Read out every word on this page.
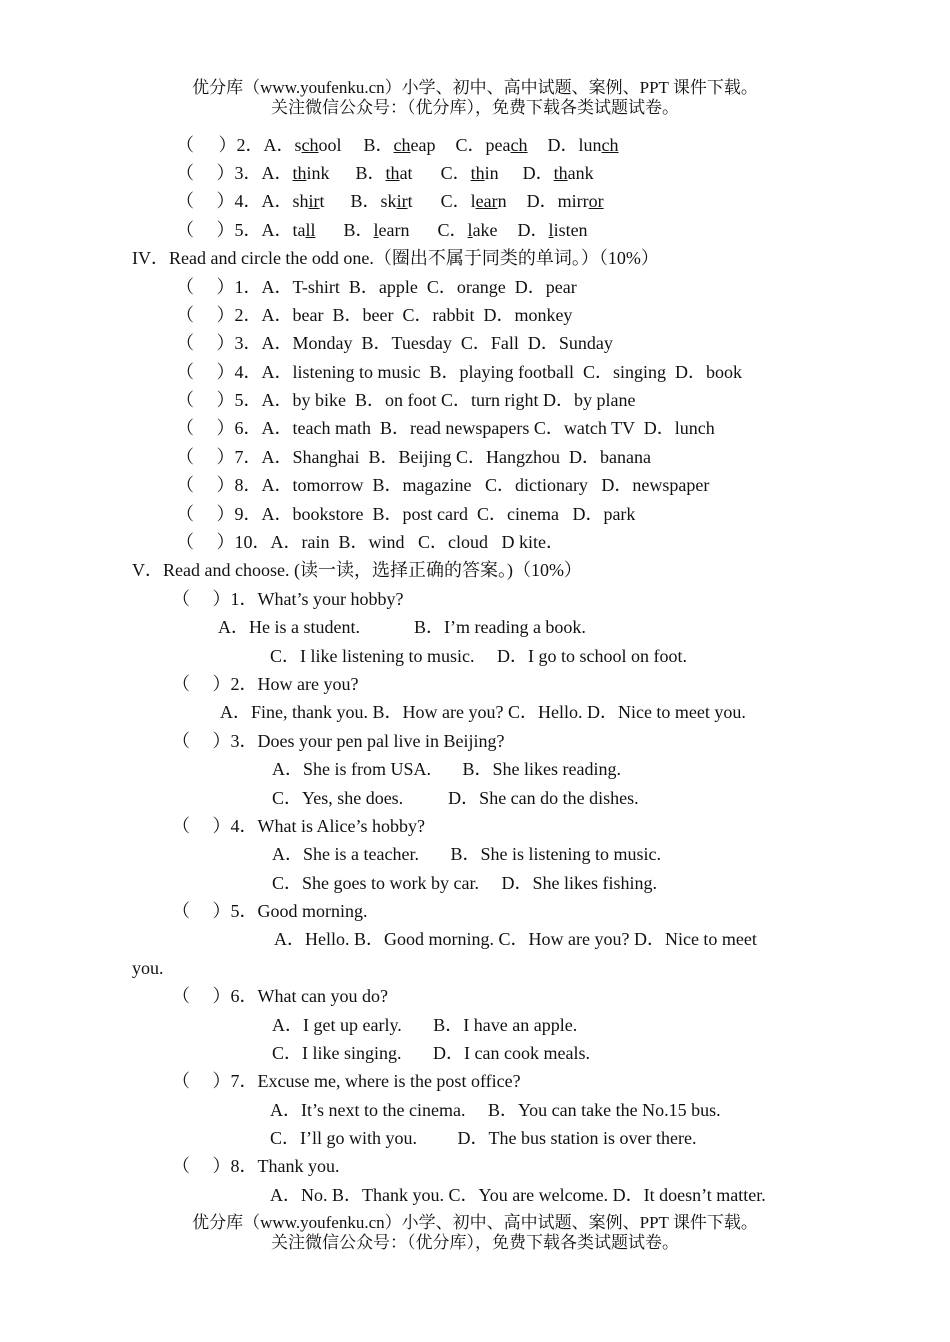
优分库（www.youfenku.cn）小学、初中、高中试题、案例、PPT 课件下载。
关注微信公众号：（优分库），免费下载各类试题试卷。
（　 ）2．A．school B．cheap C．peach D．lunch
（　 ）3．A．think B．that C．thin D．thank
（　 ）4．A．shirt B．skirt C．learn D．mirror
（　 ）5．A．tall B．learn C．lake D．listen
IV．Read and circle the odd one.（圈出不属于同类的单词。）（10%）
（　 ）1．A．T-shirt  B．apple  C．orange  D．pear
（　 ）2．A．bear  B．beer  C．rabbit  D．monkey
（　 ）3．A．Monday  B．Tuesday  C．Fall  D．Sunday
（　 ）4．A．listening to music  B．playing football  C．singing  D．book
（　 ）5．A．by bike  B．on foot C．turn right D．by plane
（　 ）6．A．teach math  B．read newspapers C．watch TV  D．lunch
（　 ）7．A．Shanghai  B．Beijing C．Hangzhou  D．banana
（　 ）8．A．tomorrow  B．magazine   C．dictionary   D．newspaper
（　 ）9．A．bookstore  B．post card  C．cinema   D．park
（　 ）10．A．rain  B．wind   C．cloud   D kite．
V．Read and choose. (读一读，选择正确的答案。)（10%）
（　 ）1．What’s your hobby?
A．He is a student.            B．I’m reading a book.
C．I like listening to music.     D．I go to school on foot.
（　 ）2．How are you?
A．Fine, thank you. B．How are you? C．Hello. D．Nice to meet you.
（　 ）3．Does your pen pal live in Beijing?
A．She is from USA.       B．She likes reading.
C．Yes, she does.          D．She can do the dishes.
（　 ）4．What is Alice’s hobby?
A．She is a teacher.       B．She is listening to music.
C．She goes to work by car.     D．She likes fishing.
（　 ）5．Good morning.
A．Hello. B．Good morning. C．How are you? D．Nice to meet
you.
（　 ）6．What can you do?
A．I get up early.       B．I have an apple.
C．I like singing.       D．I can cook meals.
（　 ）7．Excuse me, where is the post office?
A．It’s next to the cinema.     B．You can take the No.15 bus.
C．I’ll go with you.         D．The bus station is over there.
（　 ）8．Thank you.
A．No. B．Thank you. C．You are welcome. D．It doesn’t matter.
优分库（www.youfenku.cn）小学、初中、高中试题、案例、PPT 课件下载。
关注微信公众号：（优分库），免费下载各类试题试卷。
